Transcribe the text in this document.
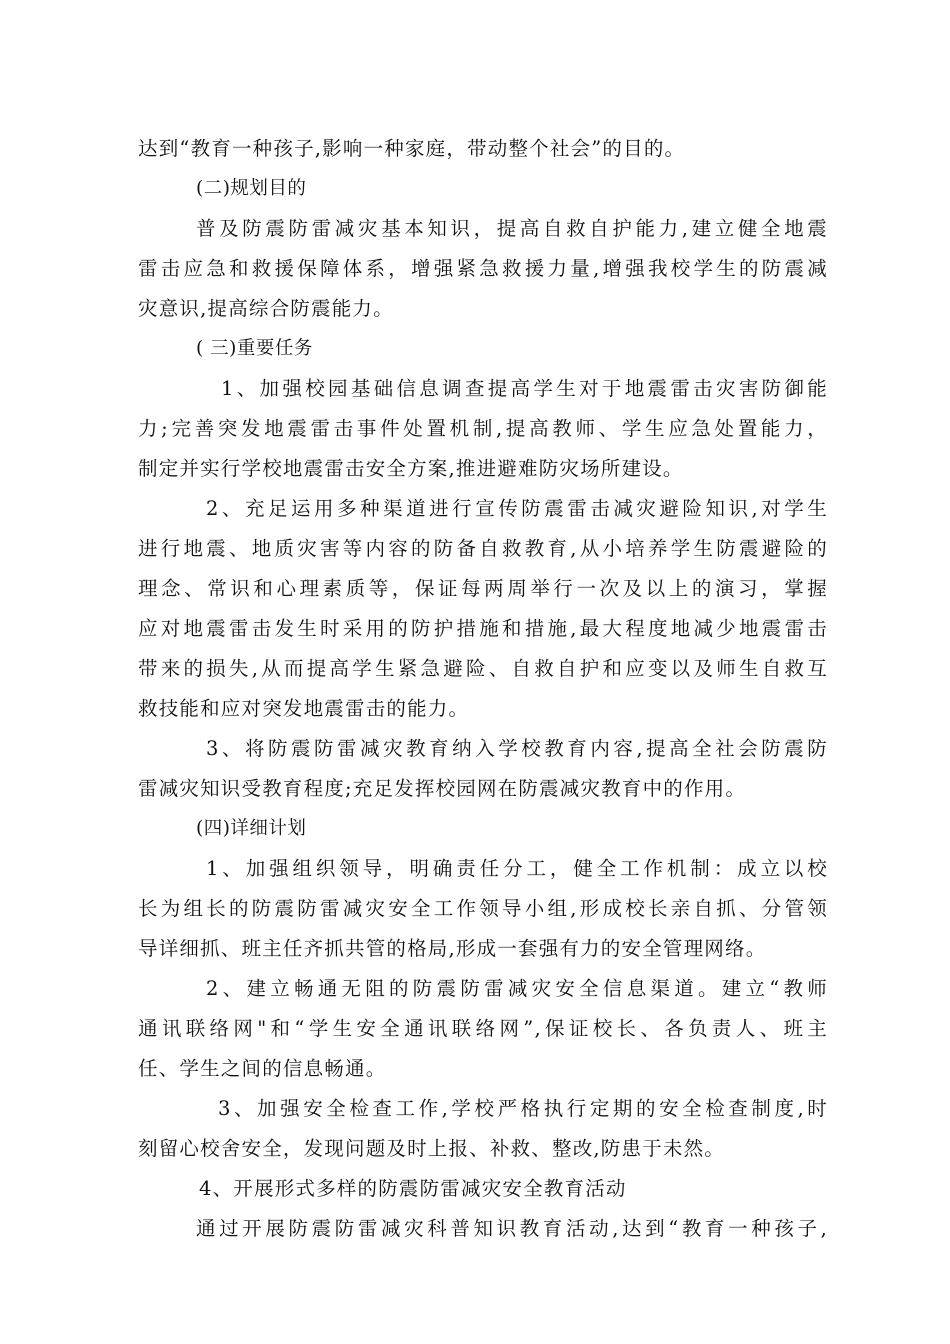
达到“教育一种孩子,影响一种家庭，带动整个社会”的目的。
(二)规划目的
普及防震防雷减灾基本知识，提高自救自护能力,建立健全地震
雷击应急和救援保障体系，增强紧急救援力量,增强我校学生的防震减
灾意识,提高综合防震能力。
( 三)重要任务
1、加强校园基础信息调查提高学生对于地震雷击灾害防御能
力;完善突发地震雷击事件处置机制,提高教师、学生应急处置能力，
制定并实行学校地震雷击安全方案,推进避难防灾场所建设。
2、充足运用多种渠道进行宣传防震雷击减灾避险知识,对学生
进行地震、地质灾害等内容的防备自救教育,从小培养学生防震避险的
理念、常识和心理素质等，保证每两周举行一次及以上的演习，掌握
应对地震雷击发生时采用的防护措施和措施,最大程度地减少地震雷击
带来的损失,从而提高学生紧急避险、自救自护和应变以及师生自救互
救技能和应对突发地震雷击的能力。
3、将防震防雷减灾教育纳入学校教育内容,提高全社会防震防
雷减灾知识受教育程度;充足发挥校园网在防震减灾教育中的作用。
(四)详细计划
1、加强组织领导，明确责任分工，健全工作机制：成立以校
长为组长的防震防雷减灾安全工作领导小组,形成校长亲自抓、分管领
导详细抓、班主任齐抓共管的格局,形成一套强有力的安全管理网络。
2、建立畅通无阻的防震防雷减灾安全信息渠道。建立“教师
通讯联络网"和“学生安全通讯联络网”,保证校长、各负责人、班主
任、学生之间的信息畅通。
3、加强安全检查工作,学校严格执行定期的安全检查制度,时
刻留心校舍安全，发现问题及时上报、补救、整改,防患于未然。
4、开展形式多样的防震防雷减灾安全教育活动
通过开展防震防雷减灾科普知识教育活动,达到“教育一种孩子,
